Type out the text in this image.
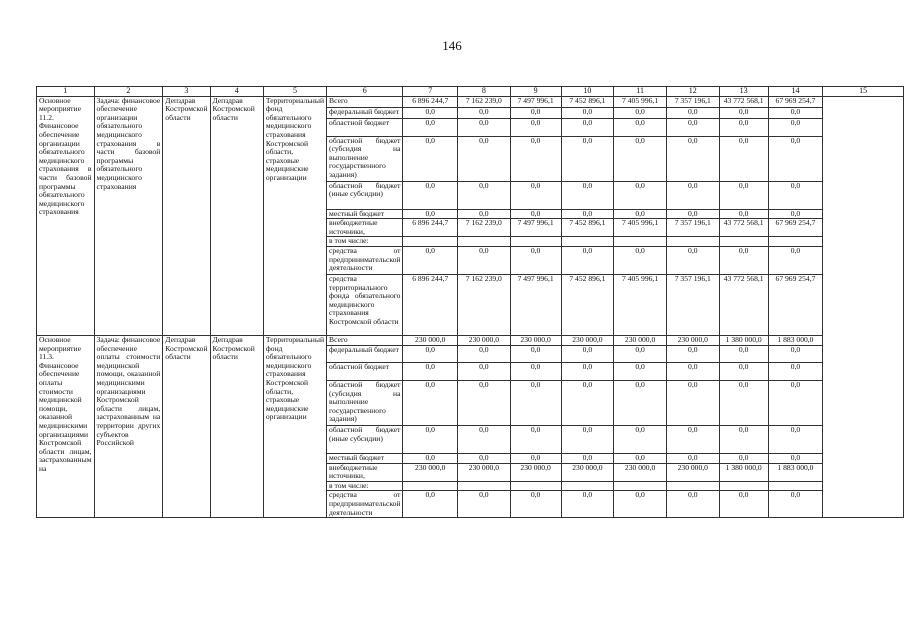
146
1	2	3	4	5	6	7	8	9	10	11	12	13	14	15
Основное мероприятие 11.2. Финансовое обеспечение организации обязательного медицинского страхования в части базовой программы обязательного медицинского страхования	Задача: финансовое обеспечение организации обязательного медицинского страхования в части базовой программы обязательного медицинского страхования	Депздрав Костромской области	Депздрав Костромской области	Территориальный фонд обязательного медицинского страхования Костромской области, страховые медицинские организации	Всего	6 896 244,7	7 162 239,0	7 497 996,1	7 452 896,1	7 405 996,1	7 357 196,1	43 772 568,1	67 969 254,7	
					федеральный бюджет	0,0	0,0	0,0	0,0	0,0	0,0	0,0	0,0	
					областной бюджет	0,0	0,0	0,0	0,0	0,0	0,0	0,0	0,0	
					областной бюджет (субсидия на выполнение государственного задания)	0,0	0,0	0,0	0,0	0,0	0,0	0,0	0,0	
					областной бюджет (иные субсидии)	0,0	0,0	0,0	0,0	0,0	0,0	0,0	0,0	
					местный бюджет	0,0	0,0	0,0	0,0	0,0	0,0	0,0	0,0	
					внебюджетные источники,	6 896 244,7	7 162 239,0	7 497 996,1	7 452 896,1	7 405 996,1	7 357 196,1	43 772 568,1	67 969 254,7	
					в том числе:									
					средства от предпринимательской деятельности	0,0	0,0	0,0	0,0	0,0	0,0	0,0	0,0	
					средства территориального фонда обязательного медицинского страхования Костромской области	6 896 244,7	7 162 239,0	7 497 996,1	7 452 896,1	7 405 996,1	7 357 196,1	43 772 568,1	67 969 254,7	
Основное мероприятие 11.3. Финансовое обеспечение оплаты стоимости медицинской помощи, оказанной медицинскими организациями Костромской области лицам, застрахованным на	Задача: финансовое обеспечение оплаты стоимости медицинской помощи, оказанной медицинскими организациями Костромской области лицам, застрахованным на территории других субъектов Российской	Депздрав Костромской области	Депздрав Костромской области	Территориальный фонд обязательного медицинского страхования Костромской области, страховые медицинские организации	Всего	230 000,0	230 000,0	230 000,0	230 000,0	230 000,0	230 000,0	1 380 000,0	1 883 000,0	
					федеральный бюджет	0,0	0,0	0,0	0,0	0,0	0,0	0,0	0,0	
					областной бюджет	0,0	0,0	0,0	0,0	0,0	0,0	0,0	0,0	
					областной бюджет (субсидия на выполнение государственного задания)	0,0	0,0	0,0	0,0	0,0	0,0	0,0	0,0	
					областной бюджет (иные субсидии)	0,0	0,0	0,0	0,0	0,0	0,0	0,0	0,0	
					местный бюджет	0,0	0,0	0,0	0,0	0,0	0,0	0,0	0,0	
					внебюджетные источники,	230 000,0	230 000,0	230 000,0	230 000,0	230 000,0	230 000,0	1 380 000,0	1 883 000,0	
					в том числе:									
					средства от предпринимательской деятельности	0,0	0,0	0,0	0,0	0,0	0,0	0,0	0,0	
